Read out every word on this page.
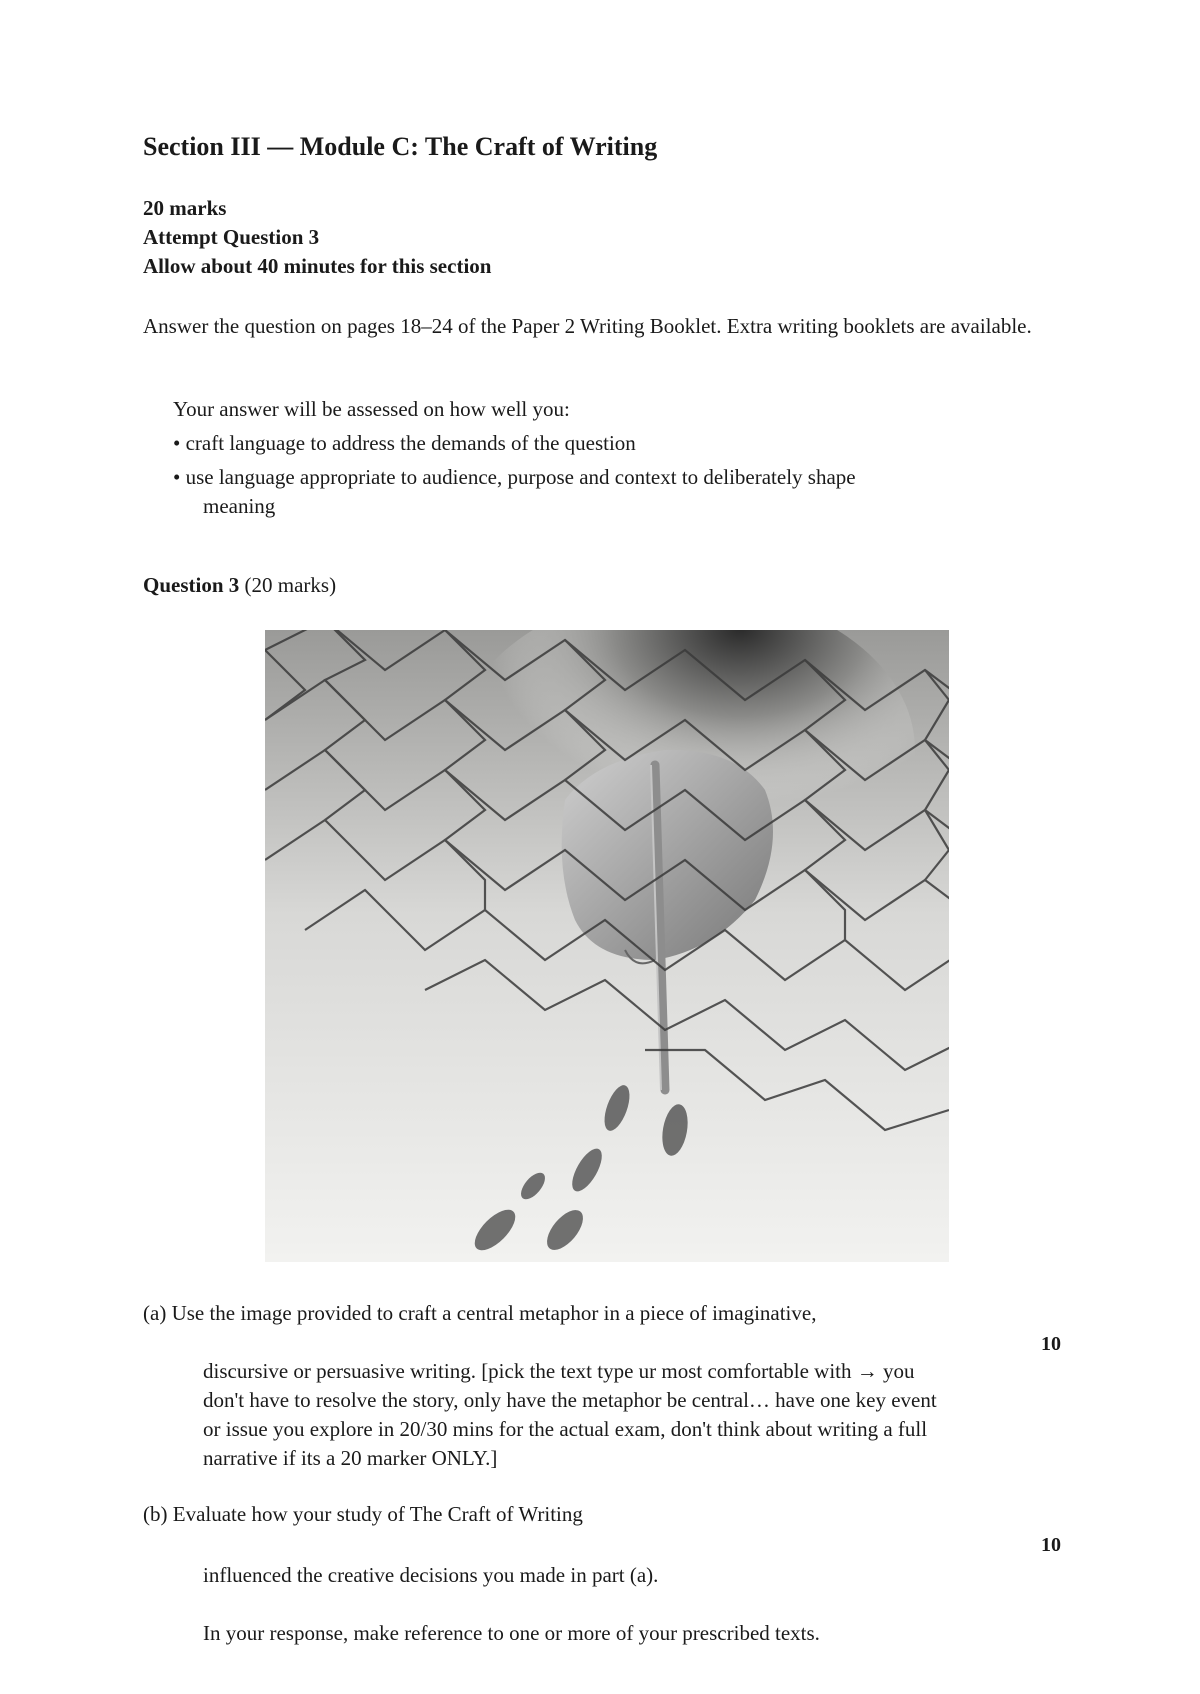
Section III — Module C: The Craft of Writing
20 marks
Attempt Question 3
Allow about 40 minutes for this section
Answer the question on pages 18–24 of the Paper 2 Writing Booklet. Extra writing booklets are available.
Your answer will be assessed on how well you:
• craft language to address the demands of the question
• use language appropriate to audience, purpose and context to deliberately shape
meaning
Question 3 (20 marks)
(a) Use the image provided to craft a central metaphor in a piece of imaginative,
10
discursive or persuasive writing. [pick the text type ur most comfortable with → you
don't have to resolve the story, only have the metaphor be central… have one key event
or issue you explore in 20/30 mins for the actual exam, don't think about writing a full
narrative if its a 20 marker ONLY.]
(b) Evaluate how your study of The Craft of Writing
10
influenced the creative decisions you made in part (a).
In your response, make reference to one or more of your prescribed texts.
